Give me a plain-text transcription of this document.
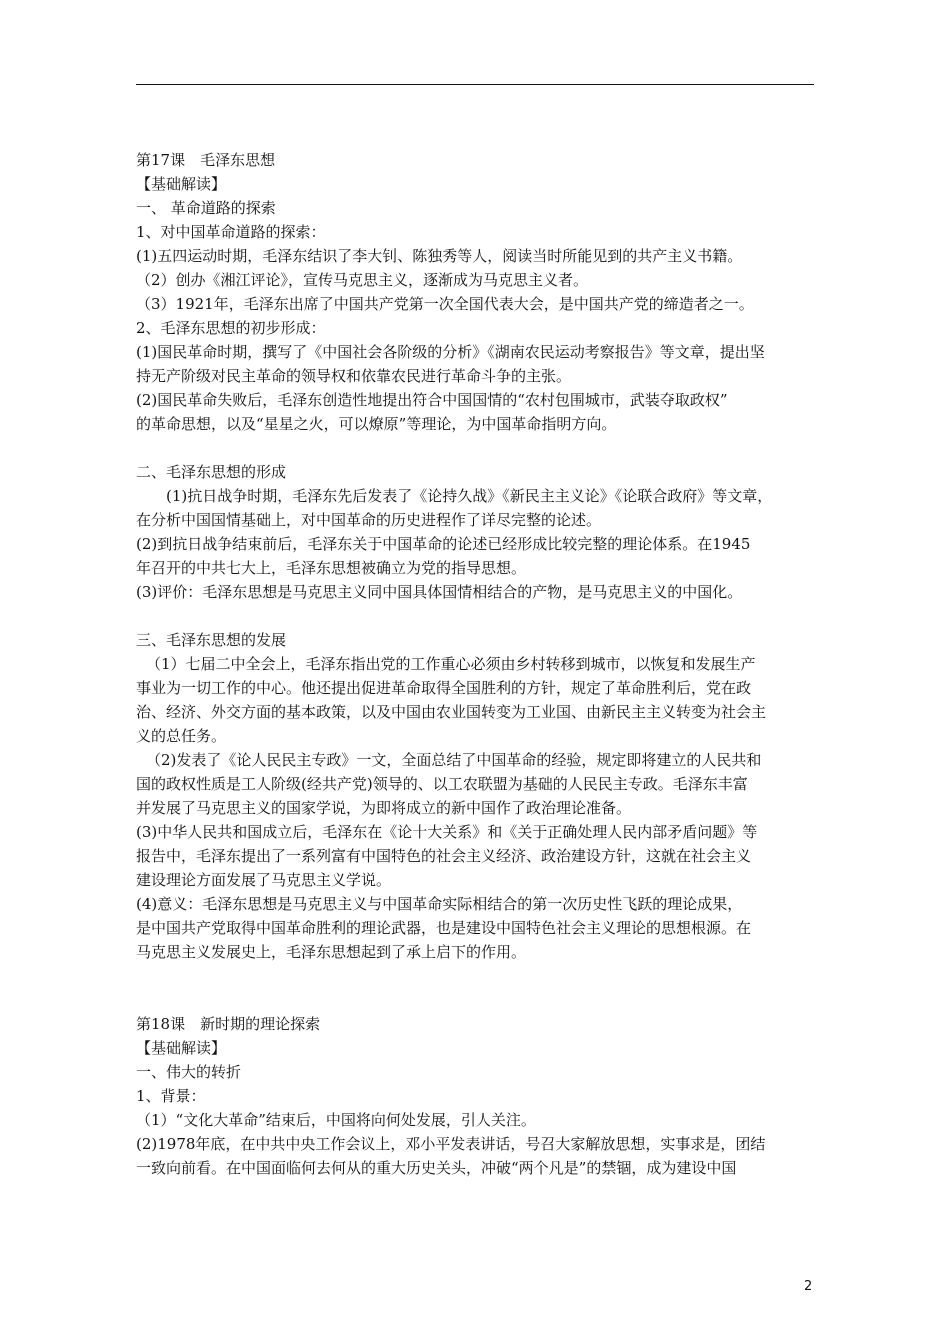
第17课　毛泽东思想
【基础解读】
一、 革命道路的探索
1、对中国革命道路的探索：
(1)五四运动时期，毛泽东结识了李大钊、陈独秀等人，阅读当时所能见到的共产主义书籍。
（2）创办《湘江评论》，宣传马克思主义，逐渐成为马克思主义者。
（3）1921年，毛泽东出席了中国共产党第一次全国代表大会，是中国共产党的缔造者之一。
2、毛泽东思想的初步形成：
(1)国民革命时期，撰写了《中国社会各阶级的分析》《湖南农民运动考察报告》等文章，提出坚
持无产阶级对民主革命的领导权和依靠农民进行革命斗争的主张。
(2)国民革命失败后，毛泽东创造性地提出符合中国国情的“农村包围城市，武装夺取政权”
的革命思想，以及“星星之火，可以燎原”等理论，为中国革命指明方向。
二、毛泽东思想的形成
(1)抗日战争时期，毛泽东先后发表了《论持久战》《新民主主义论》《论联合政府》等文章，
在分析中国国情基础上，对中国革命的历史进程作了详尽完整的论述。
(2)到抗日战争结束前后，毛泽东关于中国革命的论述已经形成比较完整的理论体系。在1945
年召开的中共七大上，毛泽东思想被确立为党的指导思想。
(3)评价：毛泽东思想是马克思主义同中国具体国情相结合的产物，是马克思主义的中国化。
三、毛泽东思想的发展
（1）七届二中全会上，毛泽东指出党的工作重心必须由乡村转移到城市，以恢复和发展生产
事业为一切工作的中心。他还提出促进革命取得全国胜利的方针，规定了革命胜利后，党在政
治、经济、外交方面的基本政策，以及中国由农业国转变为工业国、由新民主主义转变为社会主
义的总任务。
（2)发表了《论人民民主专政》一文，全面总结了中国革命的经验，规定即将建立的人民共和
国的政权性质是工人阶级(经共产党)领导的、以工农联盟为基础的人民民主专政。毛泽东丰富
并发展了马克思主义的国家学说，为即将成立的新中国作了政治理论准备。
(3)中华人民共和国成立后，毛泽东在《论十大关系》和《关于正确处理人民内部矛盾问题》等
报告中，毛泽东提出了一系列富有中国特色的社会主义经济、政治建设方针，这就在社会主义
建设理论方面发展了马克思主义学说。
(4)意义：毛泽东思想是马克思主义与中国革命实际相结合的第一次历史性飞跃的理论成果，
是中国共产党取得中国革命胜利的理论武器，也是建设中国特色社会主义理论的思想根源。在
马克思主义发展史上，毛泽东思想起到了承上启下的作用。
第18课　新时期的理论探索
【基础解读】
一、伟大的转折
1、背景：
（1）“文化大革命”结束后，中国将向何处发展，引人关注。
(2)1978年底，在中共中央工作会议上，邓小平发表讲话，号召大家解放思想，实事求是，团结
一致向前看。在中国面临何去何从的重大历史关头，冲破“两个凡是”的禁锢，成为建设中国
2
